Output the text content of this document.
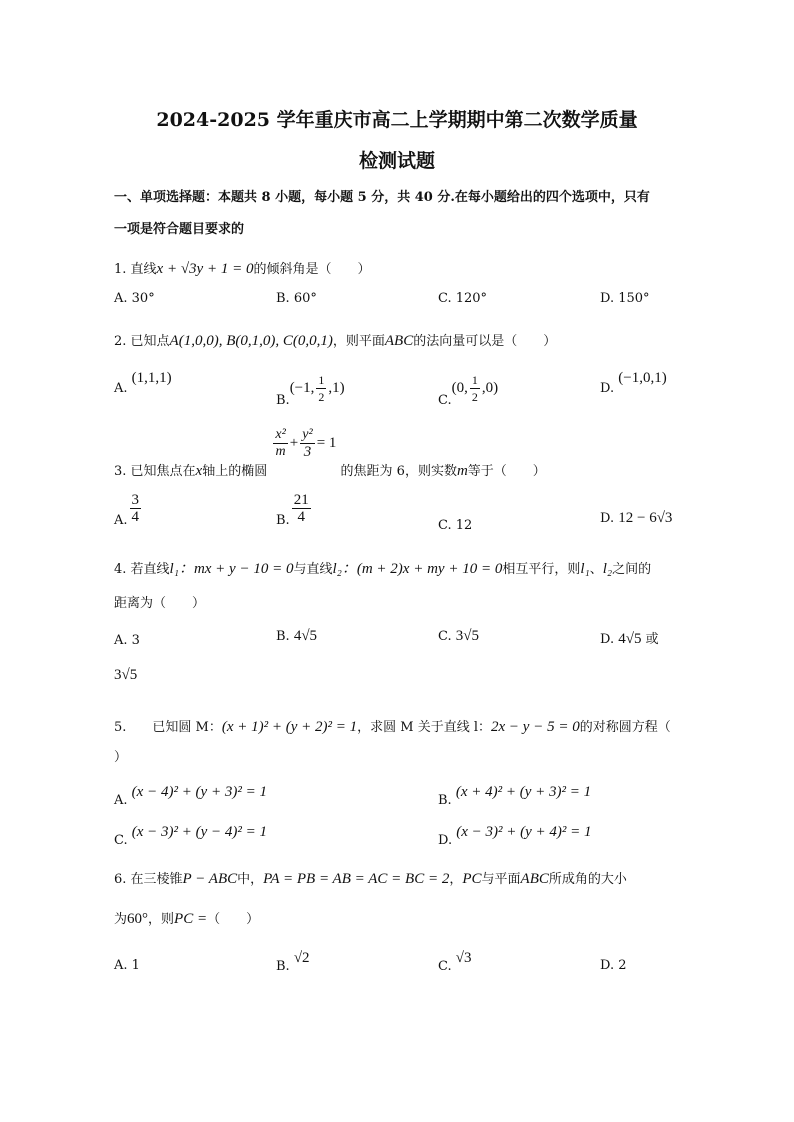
2024-2025 学年重庆市高二上学期期中第二次数学质量
检测试题
一、单项选择题：本题共 8 小题，每小题 5 分，共 40 分.在每小题给出的四个选项中，只有
一项是符合题目要求的
1. 直线x + √3y + 1 = 0的倾斜角是（　　）
A. 30°	B. 60°	C. 120°	D. 150°
2. 已知点A(1,0,0), B(0,1,0), C(0,0,1)，则平面ABC的法向量可以是（　　）
A. (1,1,1)
B.(−1, $\frac{1}{2} ,1$)
C.(0, $\frac{1}{2} ,0$)	D. (−1,0,1)
3. 已知焦点在x轴上的椭圆
$\frac{\text{x²}}{m} + \frac{\text{y²}}{3} = 1$ 的焦距为 6，则实数m等于（　　）
A. $\frac{3}{4}$	B. $\frac{21}{4}$
C. 12	D. 12 − 6√3
4. 若直线l₁：mx + y − 10 = 0与直线l₂：(m + 2)x + my + 10 = 0相互平行，则l₁、l₂之间的
距离为（　　）
A. 3	B. 4√5	C. 3√5	D. 4√5 或
3√5
5.　　已知圆 M：(x + 1)² + (y + 2)² = 1，求圆 M 关于直线 l：2x − y − 5 = 0的对称圆方程（
）
A. (x − 4)² + (y + 3)² = 1
B. (x + 4)² + (y + 3)² = 1
C. (x − 3)² + (y − 4)² = 1
D. (x − 3)² + (y + 4)² = 1
6. 在三棱锥P − ABC中，PA = PB = AB = AC = BC = 2，PC与平面ABC所成角的大小
为60°，则PC =（　　）
A. 1	B. √2
C. √3	D. 2
